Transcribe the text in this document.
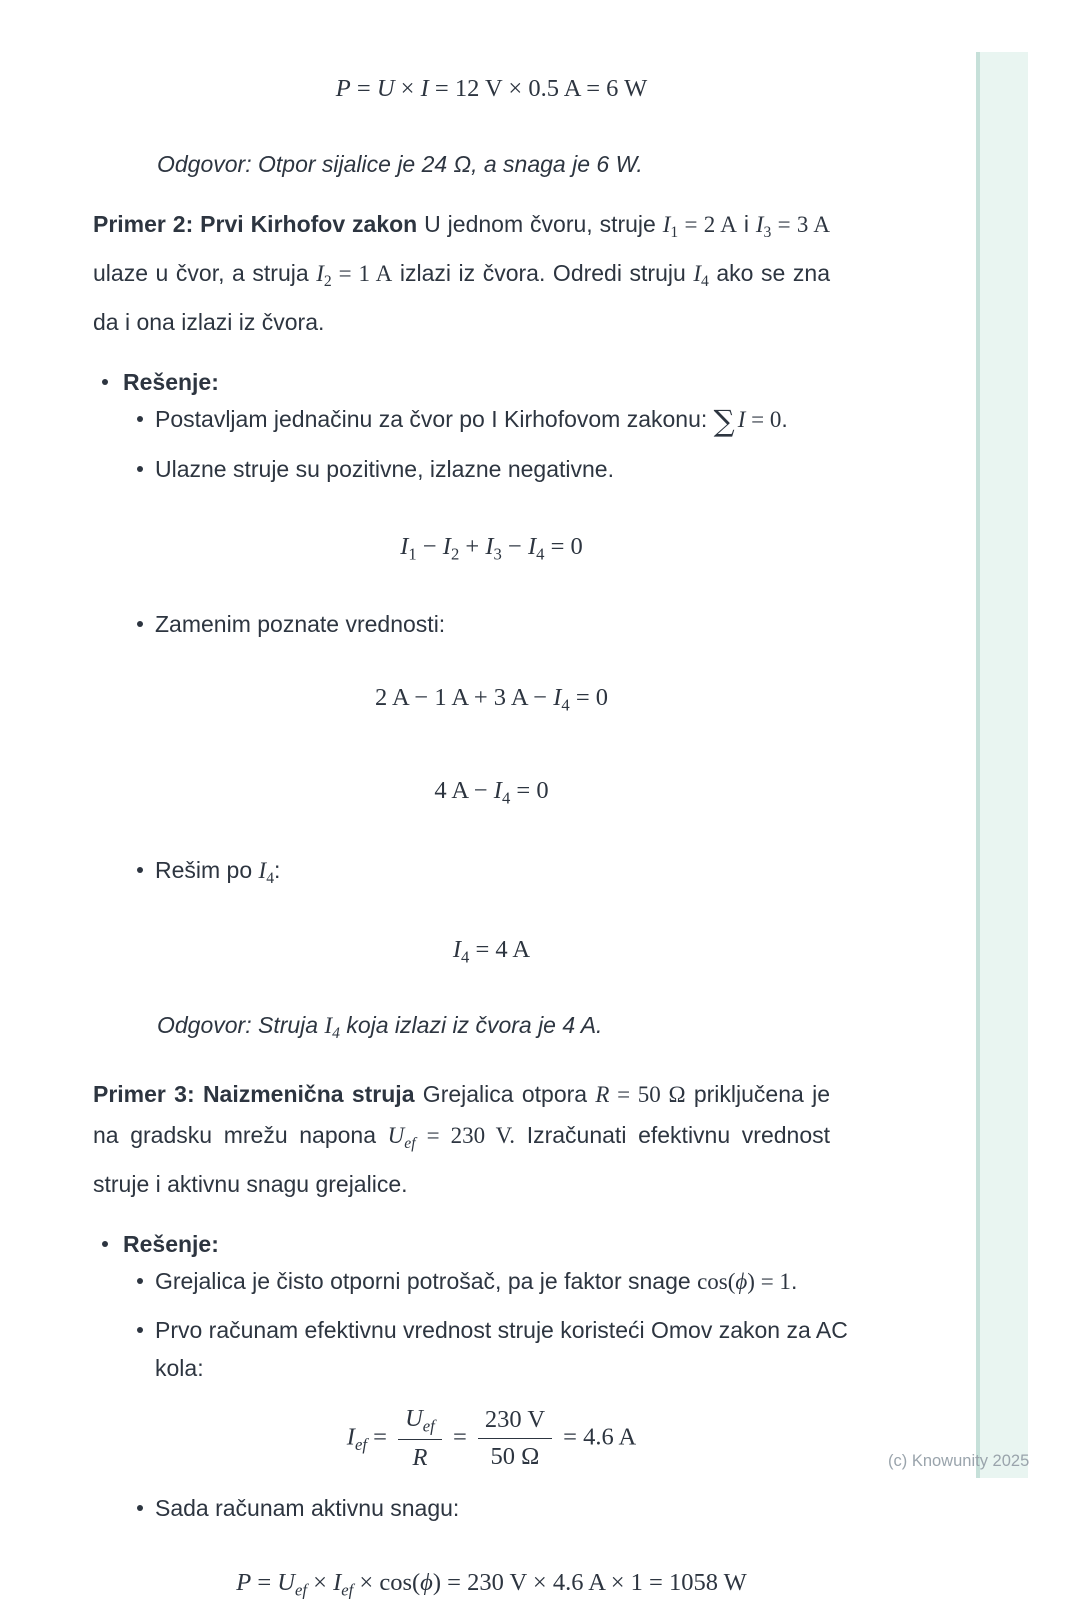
P = U × I = 12 V × 0.5 A = 6 W
Odgovor: Otpor sijalice je 24 Ω, a snaga je 6 W.

Primer 2: Prvi Kirhofov zakon U jednom čvoru, struje $I_1 = 2$ A i $I_3 = 3$ A ulaze u čvor, a struja $I_2 = 1$ A izlazi iz čvora. Odredi struju $I_4$ ako se zna da i ona izlazi iz čvora.

Rešenje:
Postavljam jednačinu za čvor po I Kirhofovom zakonu: ∑ I = 0.
Ulazne struje su pozitivne, izlazne negativne.
$I_1 - I_2 + I_3 - I_4 = 0$
Zamenim poznate vrednosti:
2 A − 1 A + 3 $A - I_4 = 0$
4 $A - I_4 = 0$
Rešim po $I_4$:
$I_4 = 4$ A
Odgovor: Struja $I_4$ koja izlazi iz čvora je 4 A.

Primer 3: Naizmenična struja Grejalica otpora R = 50 Ω priključena je na gradsku mrežu napona $U_{ef} = 230$ V. Izračunati efektivnu vrednost struje i aktivnu snagu grejalice.

Rešenje:
Grejalica je čisto otporni potrošač, pa je faktor snage cos(ϕ) = 1.
Prvo računam efektivnu vrednost struje koristeći Omov zakon za AC kola:
$I_{ef} = \frac{U_{ef}}{R} = \frac{230 V}{50 \Omega} = 4.6$ A
Sada računam aktivnu snagu:
$P = U_{ef} \times I_{ef} \times \cos(\phi) = 230$ V × 4.6 A × 1 = 1058 W
(c) Knowunity 2025
